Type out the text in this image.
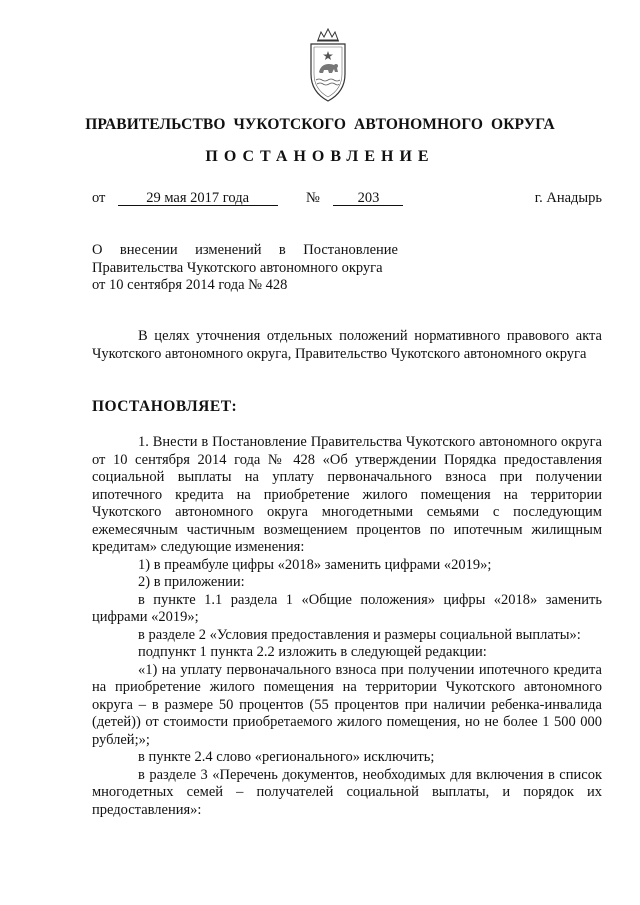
ПРАВИТЕЛЬСТВО ЧУКОТСКОГО АВТОНОМНОГО ОКРУГА
ПОСТАНОВЛЕНИЕ
от	29 мая 2017 года	№	203	г. Анадырь
О внесении изменений в Постановление
Правительства Чукотского автономного округа
от 10 сентября 2014 года № 428

В целях уточнения отдельных положений нормативного правового акта Чукотского автономного округа, Правительство Чукотского автономного округа

ПОСТАНОВЛЯЕТ:

1. Внести в Постановление Правительства Чукотского автономного округа от 10 сентября 2014 года № 428 «Об утверждении Порядка предоставления социальной выплаты на уплату первоначального взноса при получении ипотечного кредита на приобретение жилого помещения на территории Чукотского автономного округа многодетными семьями с последующим ежемесячным частичным возмещением процентов по ипотечным жилищным кредитам» следующие изменения:

1) в преамбуле цифры «2018» заменить цифрами «2019»;

2) в приложении:

в пункте 1.1 раздела 1 «Общие положения» цифры «2018» заменить цифрами «2019»;

в разделе 2 «Условия предоставления и размеры социальной выплаты»:

подпункт 1 пункта 2.2 изложить в следующей редакции:

«1) на уплату первоначального взноса при получении ипотечного кредита на приобретение жилого помещения на территории Чукотского автономного округа – в размере 50 процентов (55 процентов при наличии ребенка-инвалида (детей)) от стоимости приобретаемого жилого помещения, но не более 1 500 000 рублей;»;

в пункте 2.4 слово «регионального» исключить;

в разделе 3 «Перечень документов, необходимых для включения в список многодетных семей – получателей социальной выплаты, и порядок их предоставления»:
